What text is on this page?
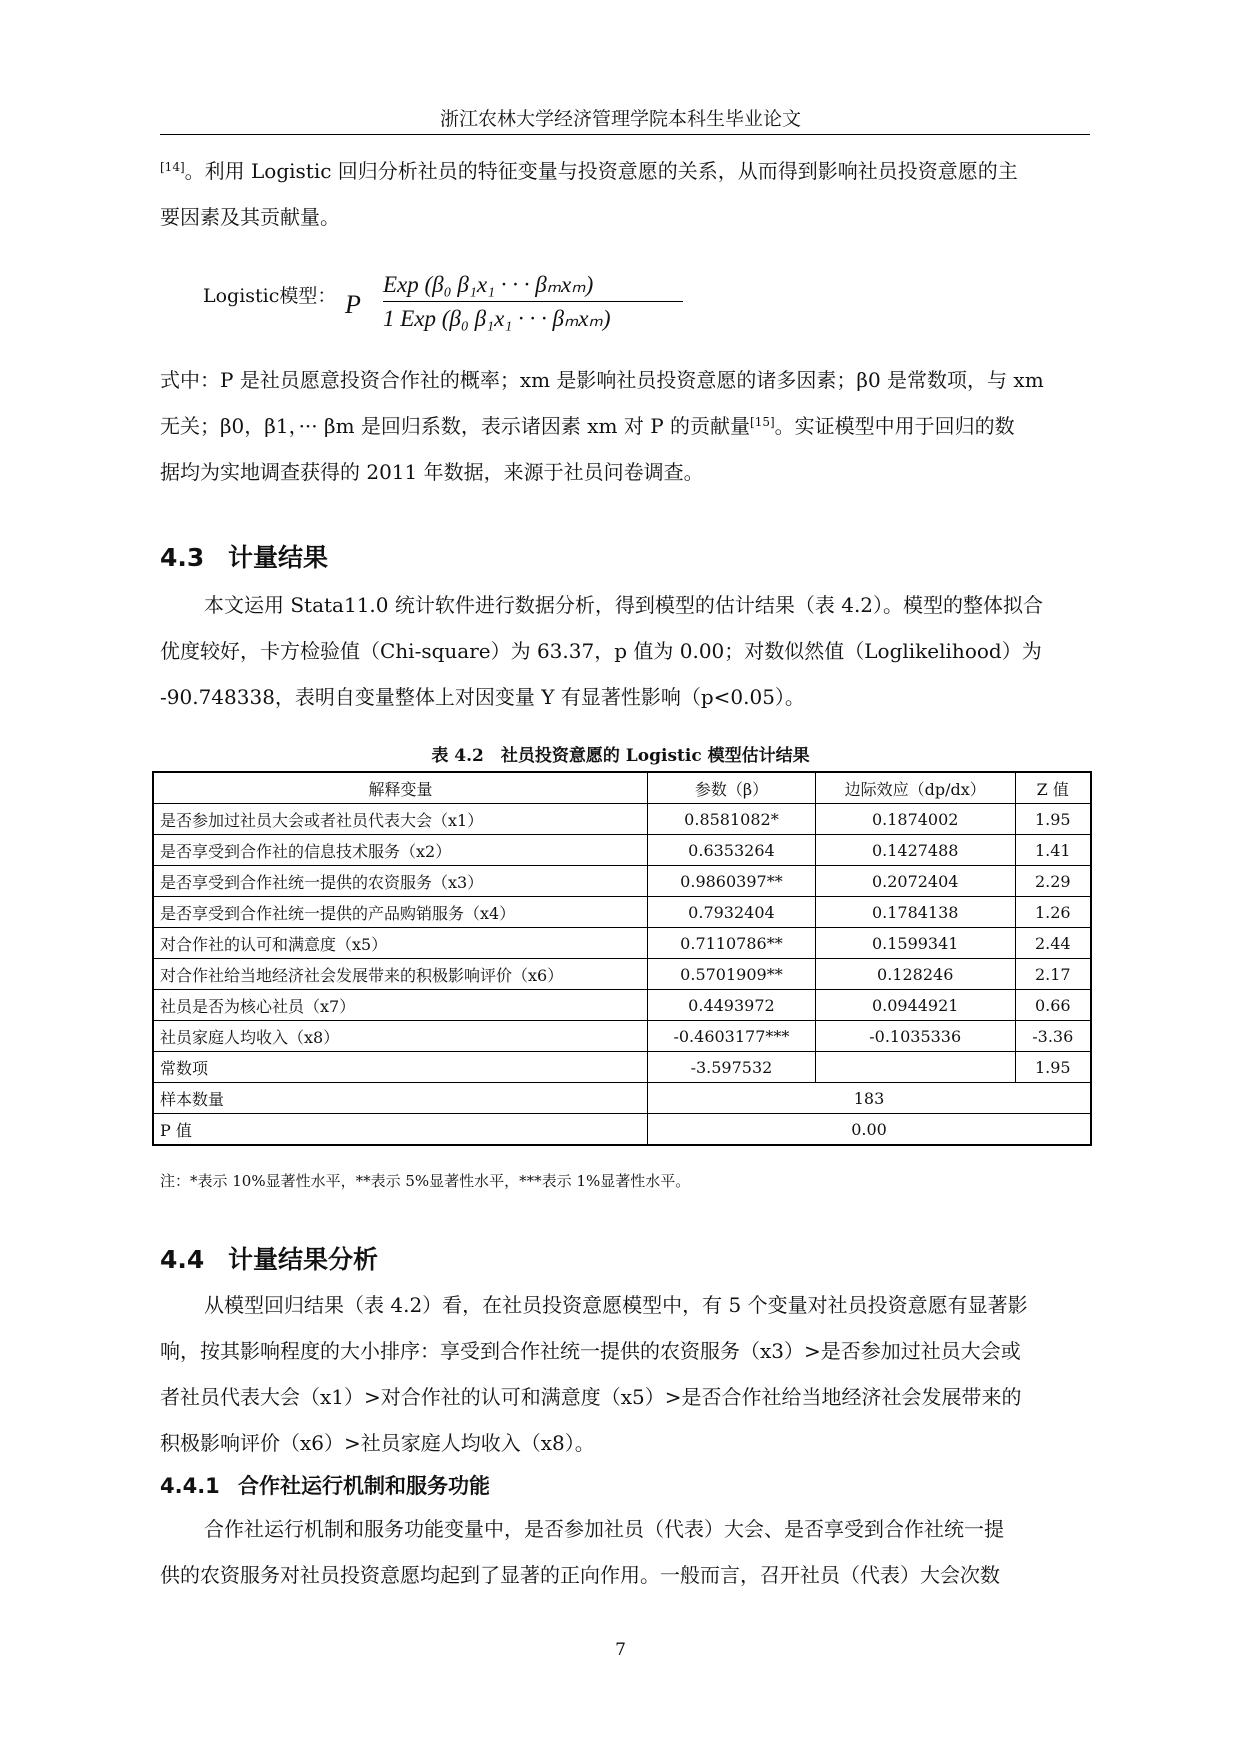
浙江农林大学经济管理学院本科生毕业论文
[14]。利用 Logistic 回归分析社员的特征变量与投资意愿的关系，从而得到影响社员投资意愿的主
要因素及其贡献量。
Logistic模型： P
Exp (β₀ β₁x₁ · · · βₘxₘ)
1 Exp (β₀ β₁x₁ · · · βₘxₘ)
式中：P 是社员愿意投资合作社的概率；xm 是影响社员投资意愿的诸多因素；β0 是常数项，与 xm
无关；β0，β1，··· βm 是回归系数，表示诸因素 xm 对 P 的贡献量[15]。实证模型中用于回归的数
据均为实地调查获得的 2011 年数据，来源于社员问卷调查。
4.3 计量结果
本文运用 Stata11.0 统计软件进行数据分析，得到模型的估计结果（表 4.2）。模型的整体拟合
优度较好，卡方检验值（Chi-square）为 63.37，p 值为 0.00；对数似然值（Loglikelihood）为
-90.748338，表明自变量整体上对因变量 Y 有显著性影响（p<0.05）。
表 4.2　社员投资意愿的 Logistic 模型估计结果
解释变量	参数（β）	边际效应（dp/dx）	Z 值
是否参加过社员大会或者社员代表大会（x1）	0.8581082*	0.1874002	1.95
是否享受到合作社的信息技术服务（x2）	0.6353264	0.1427488	1.41
是否享受到合作社统一提供的农资服务（x3）	0.9860397**	0.2072404	2.29
是否享受到合作社统一提供的产品购销服务（x4）	0.7932404	0.1784138	1.26
对合作社的认可和满意度（x5）	0.7110786**	0.1599341	2.44
对合作社给当地经济社会发展带来的积极影响评价（x6）	0.5701909**	0.128246	2.17
社员是否为核心社员（x7）	0.4493972	0.0944921	0.66
社员家庭人均收入（x8）	-0.4603177***	-0.1035336	-3.36
常数项	-3.597532		1.95
样本数量	183		
P 值	0.00		
注：*表示 10%显著性水平，**表示 5%显著性水平，***表示 1%显著性水平。
4.4 计量结果分析
从模型回归结果（表 4.2）看，在社员投资意愿模型中，有 5 个变量对社员投资意愿有显著影
响，按其影响程度的大小排序：享受到合作社统一提供的农资服务（x3）>是否参加过社员大会或
者社员代表大会（x1）>对合作社的认可和满意度（x5）>是否合作社给当地经济社会发展带来的
积极影响评价（x6）>社员家庭人均收入（x8）。
4.4.1 合作社运行机制和服务功能
合作社运行机制和服务功能变量中，是否参加社员（代表）大会、是否享受到合作社统一提
供的农资服务对社员投资意愿均起到了显著的正向作用。一般而言，召开社员（代表）大会次数
7
